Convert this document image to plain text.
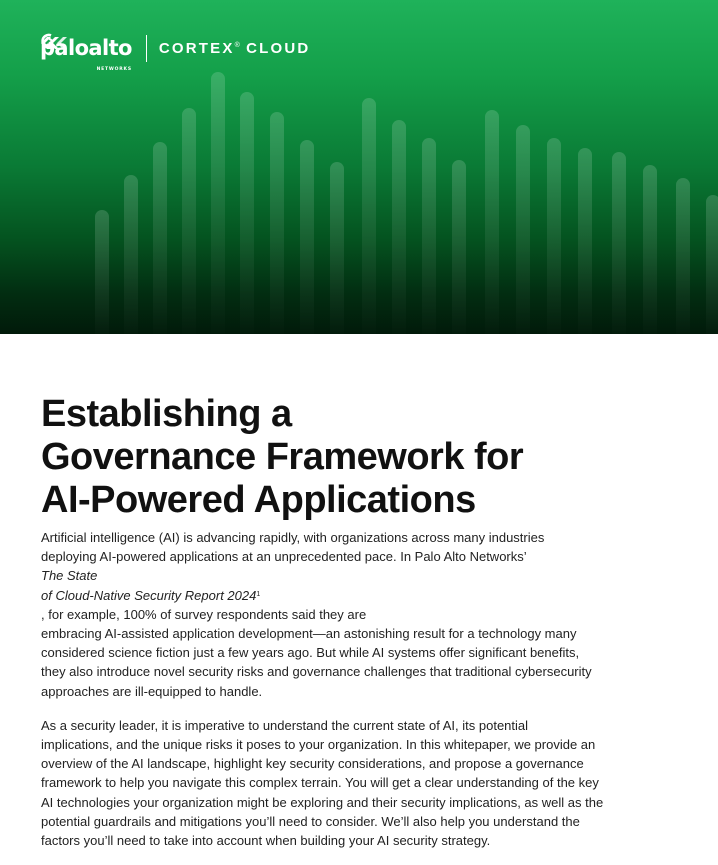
paloalto
NETWORKS
CORTEX® CLOUD
Establishing a
Governance Framework for
AI-Powered Applications

Artificial intelligence (AI) is advancing rapidly, with organizations across many industries
deploying AI-powered applications at an unprecedented pace. In Palo Alto Networks’
The State
of Cloud-Native Security Report 2024$^1$
, for example, 100% of survey respondents said they are
embracing AI-assisted application development—an astonishing result for a technology many
considered science fiction just a few years ago. But while AI systems offer significant benefits,
they also introduce novel security risks and governance challenges that traditional cybersecurity
approaches are ill-equipped to handle.

As a security leader, it is imperative to understand the current state of AI, its potential
implications, and the unique risks it poses to your organization. In this whitepaper, we provide an
overview of the AI landscape, highlight key security considerations, and propose a governance
framework to help you navigate this complex terrain. You will get a clear understanding of the key
AI technologies your organization might be exploring and their security implications, as well as the
potential guardrails and mitigations you’ll need to consider. We’ll also help you understand the
factors you’ll need to take into account when building your AI security strategy.
